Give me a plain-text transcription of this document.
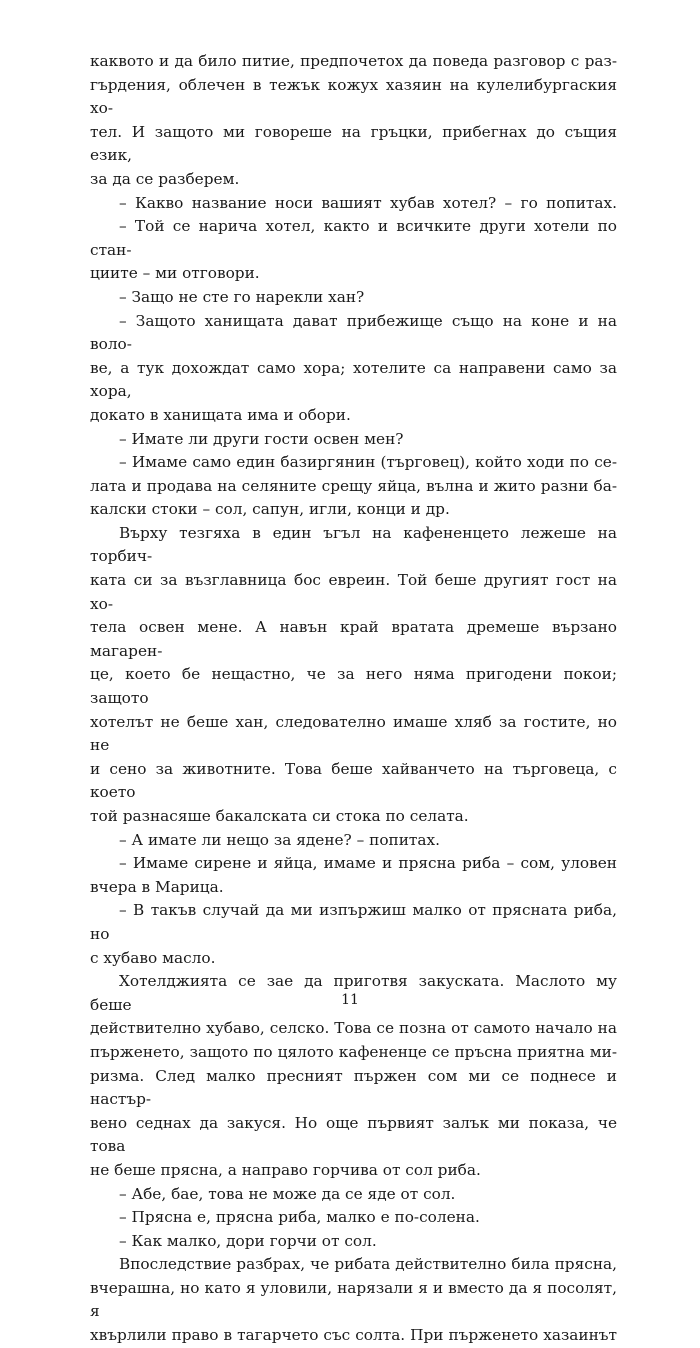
каквото и да било питие, предпочетох да поведа разговор с раз-

гърдения, облечен в тежък кожух хазяин на кулелибургаския хо-

тел. И защото ми говореше на гръцки, прибегнах до същия език,

за да се разберем.

– Какво название носи вашият хубав хотел? – го попитах.

– Той се нарича хотел, както и всичките други хотели по стан-

циите – ми отговори.

– Защо не сте го нарекли хан?

– Защото ханищата дават прибежище също на коне и на воло-

ве, а тук дохождат само хора; хотелите са направени само за хора,

докато в ханищата има и обори.

– Имате ли други гости освен мен?

– Имаме само един базиргянин (търговец), който ходи по се-

лата и продава на селяните срещу яйца, вълна и жито разни ба-

калски стоки – сол, сапун, игли, конци и др.

Върху тезгяха в един ъгъл на кафененцето лежеше на торбич-

ката си за възглавница бос евреин. Той беше другият гост на хо-

тела освен мене. А навън край вратата дремеше вързано магарен-

це, което бе нещастно, че за него няма пригодени покои; защото

хотелът не беше хан, следователно имаше хляб за гостите, но не

и сено за животните. Това беше хайванчето на търговеца, с което

той разнасяше бакалската си стока по селата.

– А имате ли нещо за ядене? – попитах.

– Имаме сирене и яйца, имаме и прясна риба – сом, уловен

вчера в Марица.

– В такъв случай да ми изпържиш малко от прясната риба, но

с хубаво масло.

Хотелджията се зае да приготвя закуската. Маслото му беше

действително хубаво, селско. Това се позна от самото начало на

пърженето, защото по цялото кафененце се пръсна приятна ми-

ризма. След малко пресният пържен сом ми се поднесе и настър-

вено седнах да закуся. Но още първият залък ми показа, че това

не беше прясна, а направо горчива от сол риба.

– Абе, бае, това не може да се яде от сол.

– Прясна е, прясна риба, малко е по-солена.

– Как малко, дори горчи от сол.

Впоследствие разбрах, че рибата действително била прясна,

вчерашна, но като я уловили, нарязали я и вместо да я посолят, я

хвърлили право в тагарчето със солта. При пърженето хазаинът

11
